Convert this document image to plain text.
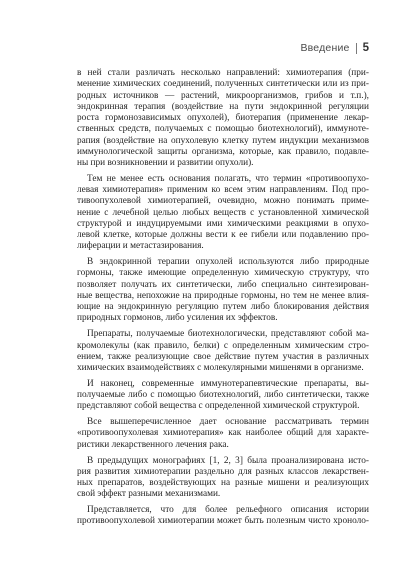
Введение 5

в ней стали различать несколько направлений: химиотерапия (при-
менение химических соединений, полученных синтетически или из при-
родных источников — растений, микроорганизмов, грибов и т.п.),
эндокринная терапия (воздействие на пути эндокринной регуляции
роста гормонозависимых опухолей), биотерапия (применение лекар-
ственных средств, получаемых с помощью биотехнологий), иммуноте-
рапия (воздействие на опухолевую клетку путем индукции механизмов
иммунологической защиты организма, которые, как правило, подавле-
ны при возникновении и развитии опухоли).

Тем не менее есть основания полагать, что термин «противоопухо-
левая химиотерапия» применим ко всем этим направлениям. Под про-
тивоопухолевой химиотерапией, очевидно, можно понимать приме-
нение с лечебной целью любых веществ с установленной химической
структурой и индуцируемыми ими химическими реакциями в опухо-
левой клетке, которые должны вести к ее гибели или подавлению про-
лиферации и метастазирования.

В эндокринной терапии опухолей используются либо природные
гормоны, также имеющие определенную химическую структуру, что
позволяет получать их синтетически, либо специально синтезирован-
ные вещества, непохожие на природные гормоны, но тем не менее влия-
ющие на эндокринную регуляцию путем либо блокирования действия
природных гормонов, либо усиления их эффектов.

Препараты, получаемые биотехнологически, представляют собой ма-
кромолекулы (как правило, белки) с определенным химическим стро-
ением, также реализующие свое действие путем участия в различных
химических взаимодействиях с молекулярными мишенями в организме.

И наконец, современные иммунотерапевтические препараты, вы-
получаемые либо с помощью биотехнологий, либо синтетически, также
представляют собой вещества с определенной химической структурой.

Все вышеперечисленное дает основание рассматривать термин
«противоопухолевая химиотерапия» как наиболее общий для характе-
ристики лекарственного лечения рака.

В предыдущих монографиях [1, 2, 3] была проанализирована исто-
рия развития химиотерапии раздельно для разных классов лекарствен-
ных препаратов, воздействующих на разные мишени и реализующих
свой эффект разными механизмами.

Представляется, что для более рельефного описания истории
противоопухолевой химиотерапии может быть полезным чисто хроноло-
